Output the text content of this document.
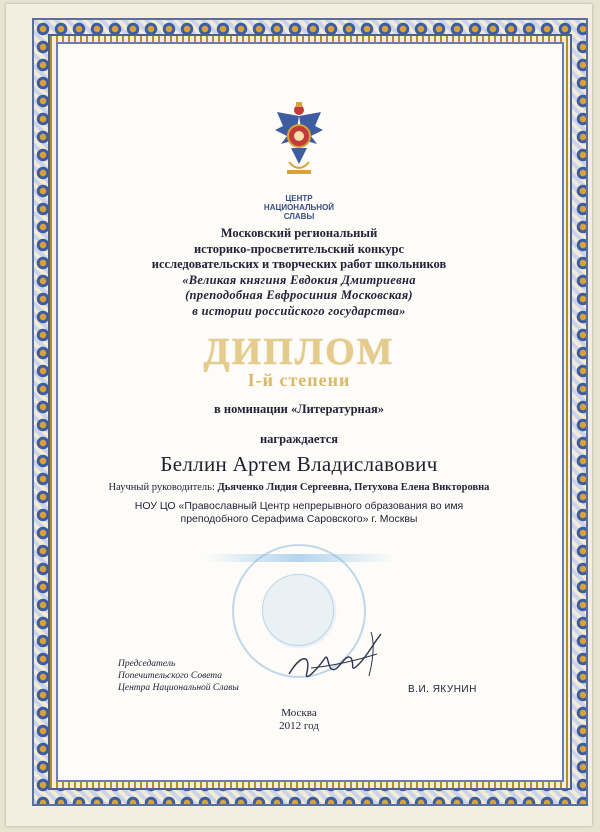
ЦЕНТР
НАЦИОНАЛЬНОЙ
СЛАВЫ
Московский региональный
историко-просветительский конкурс
исследовательских и творческих работ школьников
«Великая княгиня Евдокия Дмитриевна
(преподобная Евфросиния Московская)
в истории российского государства»
ДИПЛОМ
I-й степени
в номинации «Литературная»
награждается
Беллин Артем Владиславович
Научный руководитель: Дьяченко Лидия Сергеевна, Петухова Елена Викторовна
НОУ ЦО «Православный Центр непрерывного образования во имя преподобного Серафима Саровского» г. Москвы
Председатель
Попечительского Совета
Центра Национальной Славы	В.И. ЯКУНИН
Москва
2012 год
